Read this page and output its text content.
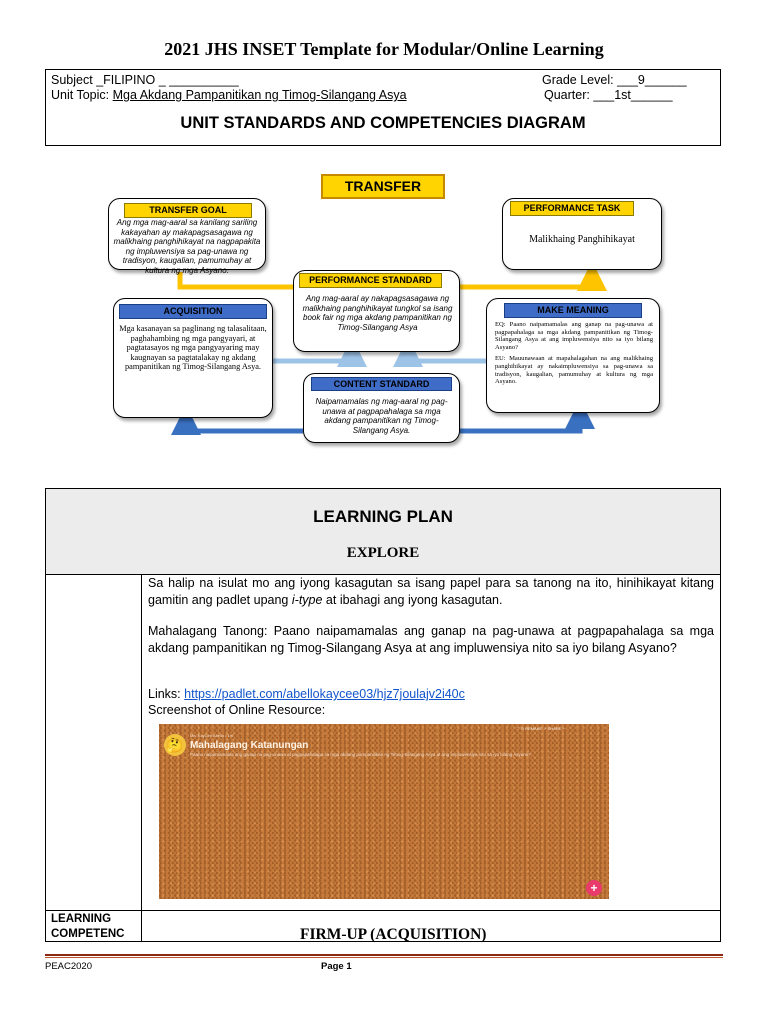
2021 JHS INSET Template for Modular/Online Learning
Subject _FILIPINO _ __________	Grade Level: ___9______
Unit Topic: Mga Akdang Pampanitikan ng Timog-Silangang Asya	Quarter: ___1st______
UNIT STANDARDS AND COMPETENCIES DIAGRAM
TRANSFER
TRANSFER GOAL
Ang mga mag-aaral sa kanilang sariling kakayahan ay makapagsasagawa ng malikhaing panghihikayat na nagpapakita ng impluwensiya sa pag-unawa ng tradisyon, kaugalian, pamumuhay at kultura ng mga Asyano.
PERFORMANCE TASK
Malikhaing Panghihikayat
PERFORMANCE STANDARD
Ang mag-aaral ay nakapagsasagawa ng malikhaing panghihikayat tungkol sa isang book fair ng mga akdang pampanitikan ng Timog-Silangang Asya
ACQUISITION
Mga kasanayan sa paglinang ng talasalitaan, paghahambing ng mga pangyayari, at pagtatasayos ng mga pangyayaring may kaugnayan sa pagtatalakay ng akdang pampanitikan ng Timog-Silangang Asya.
MAKE MEANING
EQ: Paano naipamamalas ang ganap na pag-unawa at pagpapahalaga sa mga akdang pampanitikan ng Timog-Silangang Asya at ang impluwensiya nito sa iyo bilang Asyano?
EU: Mauunawaan at mapahalagahan na ang malikhaing panghihikayat ay nakaimpluwensiya sa pag-unawa sa tradisyon, kaugalian, pamumuhay at kultura ng mga Asyano.
CONTENT STANDARD
Naipamamalas ng mag-aaral ng pag-unawa at pagpapahalaga sa mga akdang pampanitikan ng Timog-Silangang Asya.
LEARNING PLAN
EXPLORE
Sa halip na isulat mo ang iyong kasagutan sa isang papel para sa tanong na ito, hinihikayat kitang gamitin ang padlet upang i-type at ibahagi ang iyong kasagutan.
Mahalagang Tanong: Paano naipamamalas ang ganap na pag-unawa at pagpapahalaga sa mga akdang pampanitikan ng Timog-Silangang Asya at ang impluwensiya nito sa iyo bilang Asyano?
Links: https://padlet.com/abellokaycee03/hjz7joulajv2i40c
Screenshot of Online Resource:
🤔
Ma. KayCee Abello • 1m
Mahalagang Katanungan
Paano naipamamalas ang ganap na pag-unawa at pagpapahalaga sa mga akdang pampanitikan ng Timog-Silangang Asya at ang impluwensiya nito sa iyo bilang Asyano?
♡ ⊙ REMAKE ↗ SHARE ⋯
+
LEARNING COMPETENC	FIRM-UP (ACQUISITION)
PEAC2020	Page 1
